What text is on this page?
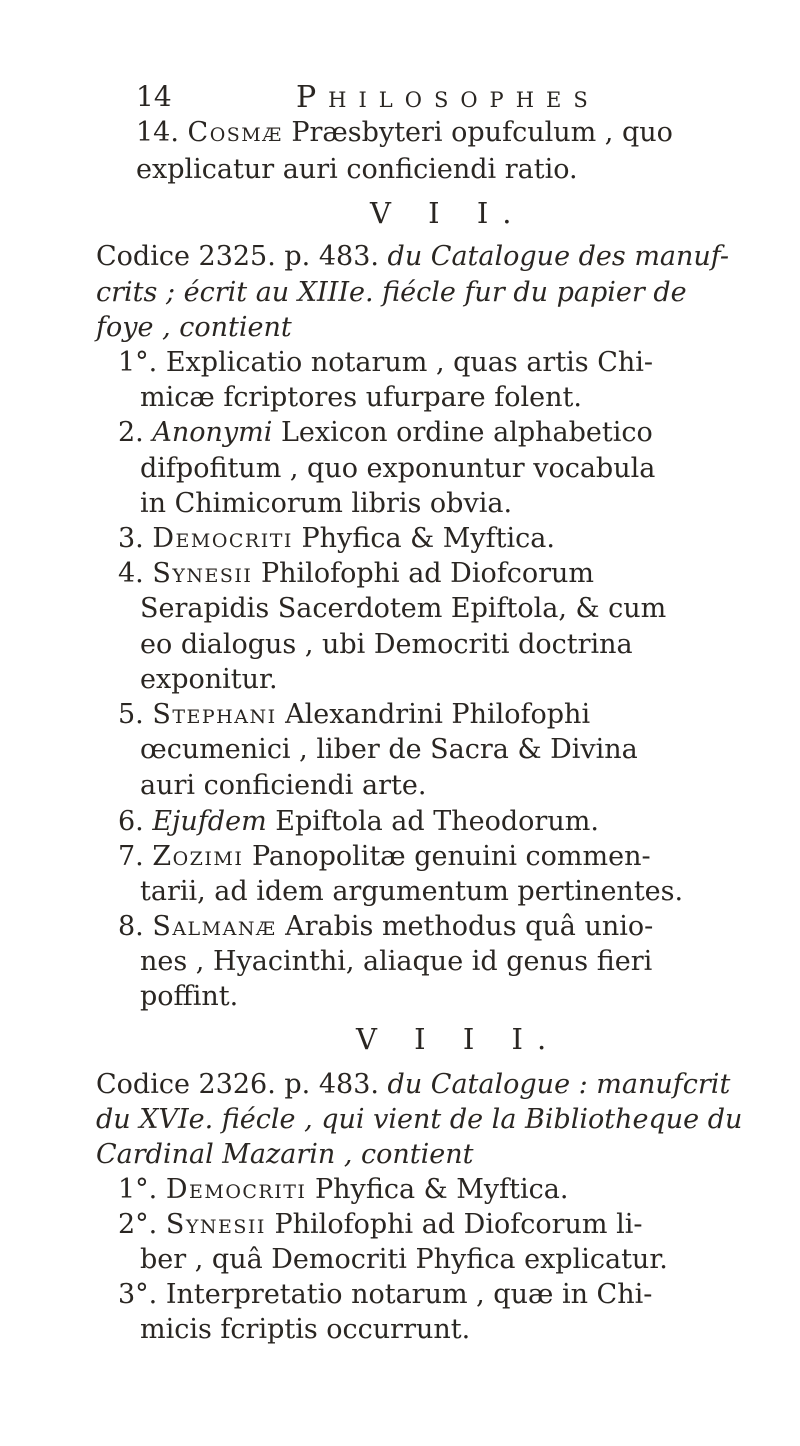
14	Philosophes
14. Cosmæ Præsbyteri opufculum , quo
explicatur auri conficiendi ratio.
V I I.
Codice 2325. p. 483. du Catalogue des manuf-
crits ; écrit au XIIIe. fiécle fur du papier de
foye , contient
1°. Explicatio notarum , quas artis Chi-
micæ fcriptores ufurpare folent.
2. Anonymi Lexicon ordine alphabetico
difpofitum , quo exponuntur vocabula
in Chimicorum libris obvia.
3. Democriti Phyfica & Myftica.
4. Synesii Philofophi ad Diofcorum
Serapidis Sacerdotem Epiftola, & cum
eo dialogus , ubi Democriti doctrina
exponitur.
5. Stephani Alexandrini Philofophi
œcumenici , liber de Sacra & Divina
auri conficiendi arte.
6. Ejufdem Epiftola ad Theodorum.
7. Zozimi Panopolitæ genuini commen-
tarii, ad idem argumentum pertinentes.
8. Salmanæ Arabis methodus quâ unio-
nes , Hyacinthi, aliaque id genus fieri
poffint.
V I I I.
Codice 2326. p. 483. du Catalogue : manufcrit
du XVIe. fiécle , qui vient de la Bibliotheque du
Cardinal Mazarin , contient
1°. Democriti Phyfica & Myftica.
2°. Synesii Philofophi ad Diofcorum li-
ber , quâ Democriti Phyfica explicatur.
3°. Interpretatio notarum , quæ in Chi-
micis fcriptis occurrunt.
